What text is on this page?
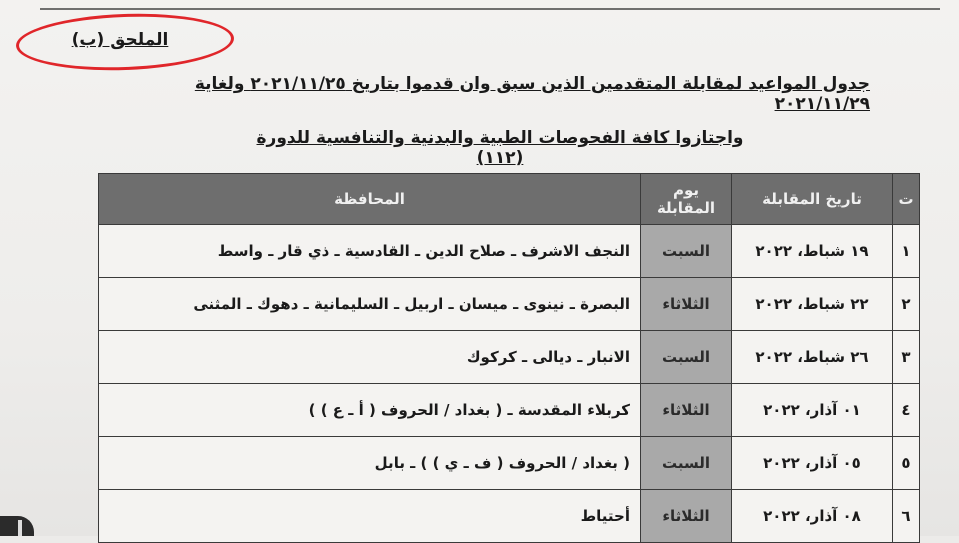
الملحق (ب)
جدول المواعيد لمقابلة المتقدمين الذين سبق وان قدموا بتاريخ ٢٠٢١/١١/٢٥ ولغاية ٢٠٢١/١١/٢٩
واجتازوا كافة الفحوصات الطبية والبدنية والتنافسية للدورة (١١٢)
ت	تاريخ المقابلة	يوم المقابلة	المحافظة
١	١٩ شباط، ٢٠٢٢	السبت	النجف الاشرف ـ صلاح الدين ـ القادسية ـ ذي قار ـ واسط
٢	٢٢ شباط، ٢٠٢٢	الثلاثاء	البصرة ـ نينوى ـ ميسان ـ اربيل ـ السليمانية ـ دهوك ـ المثنى
٣	٢٦ شباط، ٢٠٢٢	السبت	الانبار ـ ديالى ـ كركوك
٤	٠١ آذار، ٢٠٢٢	الثلاثاء	كربلاء المقدسة ـ ( بغداد / الحروف ( أ ـ ع ) )
٥	٠٥ آذار، ٢٠٢٢	السبت	( بغداد / الحروف ( ف ـ ي ) ) ـ بابل
٦	٠٨ آذار، ٢٠٢٢	الثلاثاء	أحتياط
